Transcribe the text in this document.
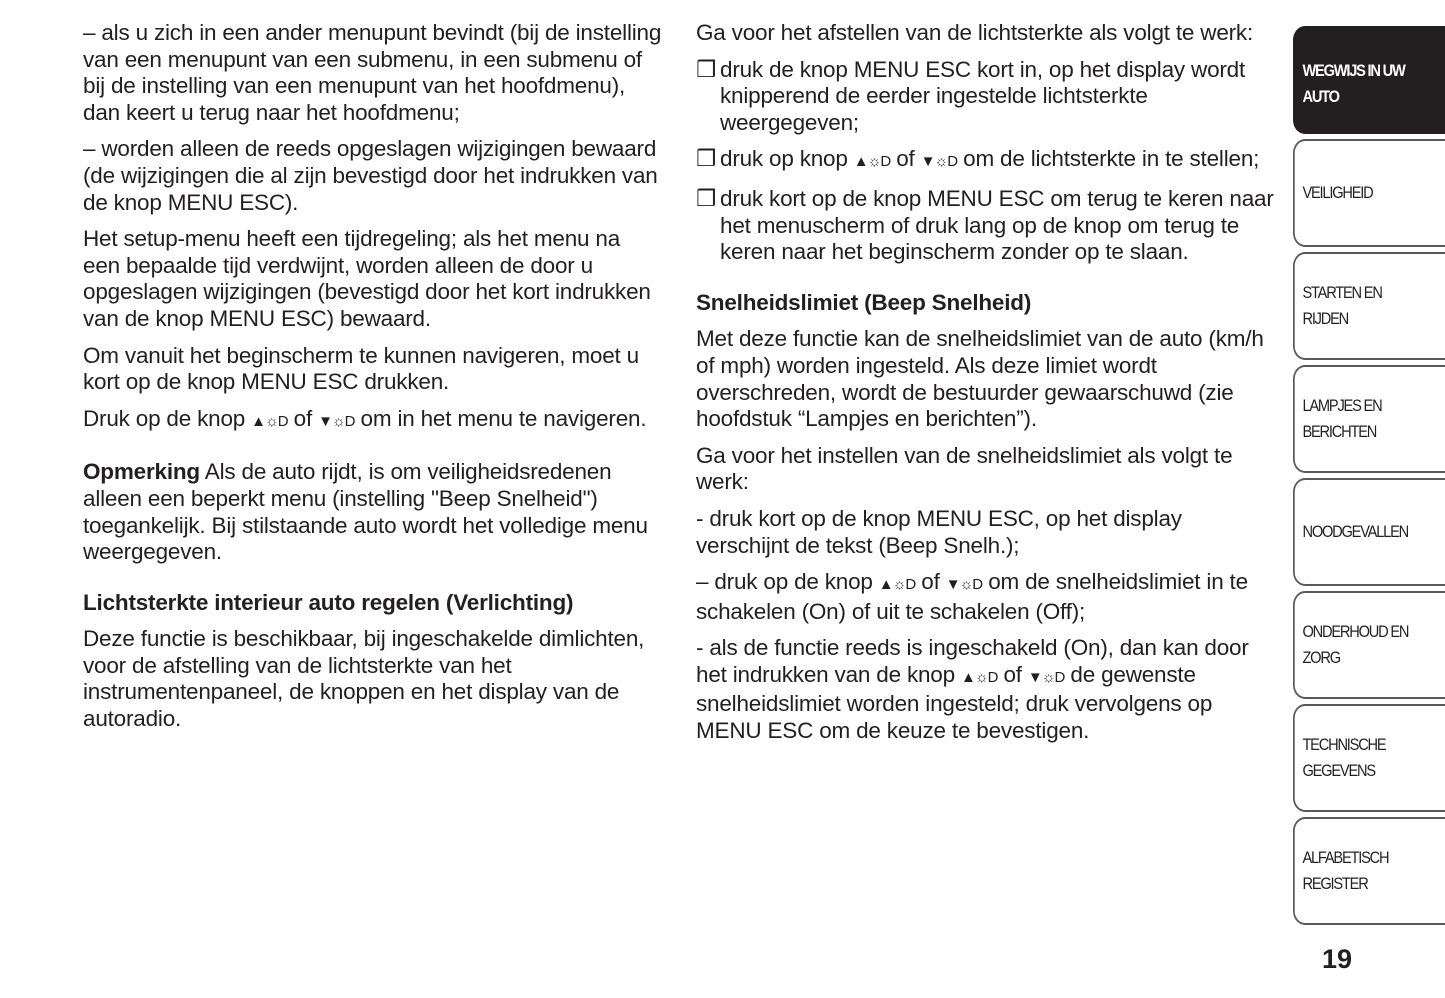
– als u zich in een ander menupunt bevindt (bij de instelling van een menupunt van een submenu, in een submenu of bij de instelling van een menupunt van het hoofdmenu), dan keert u terug naar het hoofdmenu;

– worden alleen de reeds opgeslagen wijzigingen bewaard (de wijzigingen die al zijn bevestigd door het indrukken van de knop MENU ESC).

Het setup-menu heeft een tijdregeling; als het menu na een bepaalde tijd verdwijnt, worden alleen de door u opgeslagen wijzigingen (bevestigd door het kort indrukken van de knop MENU ESC) bewaard.

Om vanuit het beginscherm te kunnen navigeren, moet u kort op de knop MENU ESC drukken.

Druk op de knop ▲☼D of ▼☼D om in het menu te navigeren.

Opmerking Als de auto rijdt, is om veiligheidsredenen alleen een beperkt menu (instelling "Beep Snelheid") toegankelijk. Bij stilstaande auto wordt het volledige menu weergegeven.

Lichtsterkte interieur auto regelen (Verlichting)

Deze functie is beschikbaar, bij ingeschakelde dimlichten, voor de afstelling van de lichtsterkte van het instrumentenpaneel, de knoppen en het display van de autoradio.

Ga voor het afstellen van de lichtsterkte als volgt te werk:

❒ druk de knop MENU ESC kort in, op het display wordt knipperend de eerder ingestelde lichtsterkte weergegeven;
❒ druk op knop ▲☼D of ▼☼D om de lichtsterkte in te stellen;
❒ druk kort op de knop MENU ESC om terug te keren naar het menuscherm of druk lang op de knop om terug te keren naar het beginscherm zonder op te slaan.
Snelheidslimiet (Beep Snelheid)

Met deze functie kan de snelheidslimiet van de auto (km/h of mph) worden ingesteld. Als deze limiet wordt overschreden, wordt de bestuurder gewaarschuwd (zie hoofdstuk “Lampjes en berichten”).

Ga voor het instellen van de snelheidslimiet als volgt te werk:

- druk kort op de knop MENU ESC, op het display verschijnt de tekst (Beep Snelh.);

– druk op de knop ▲☼D of ▼☼D om de snelheidslimiet in te schakelen (On) of uit te schakelen (Off);

- als de functie reeds is ingeschakeld (On), dan kan door het indrukken van de knop ▲☼D of ▼☼D de gewenste snelheidslimiet worden ingesteld; druk vervolgens op MENU ESC om de keuze te bevestigen.

WEGWIJS IN UW AUTO
VEILIGHEID
STARTEN EN RIJDEN
LAMPJES EN BERICHTEN
NOODGEVALLEN
ONDERHOUD EN ZORG
TECHNISCHE GEGEVENS
ALFABETISCH REGISTER
19
